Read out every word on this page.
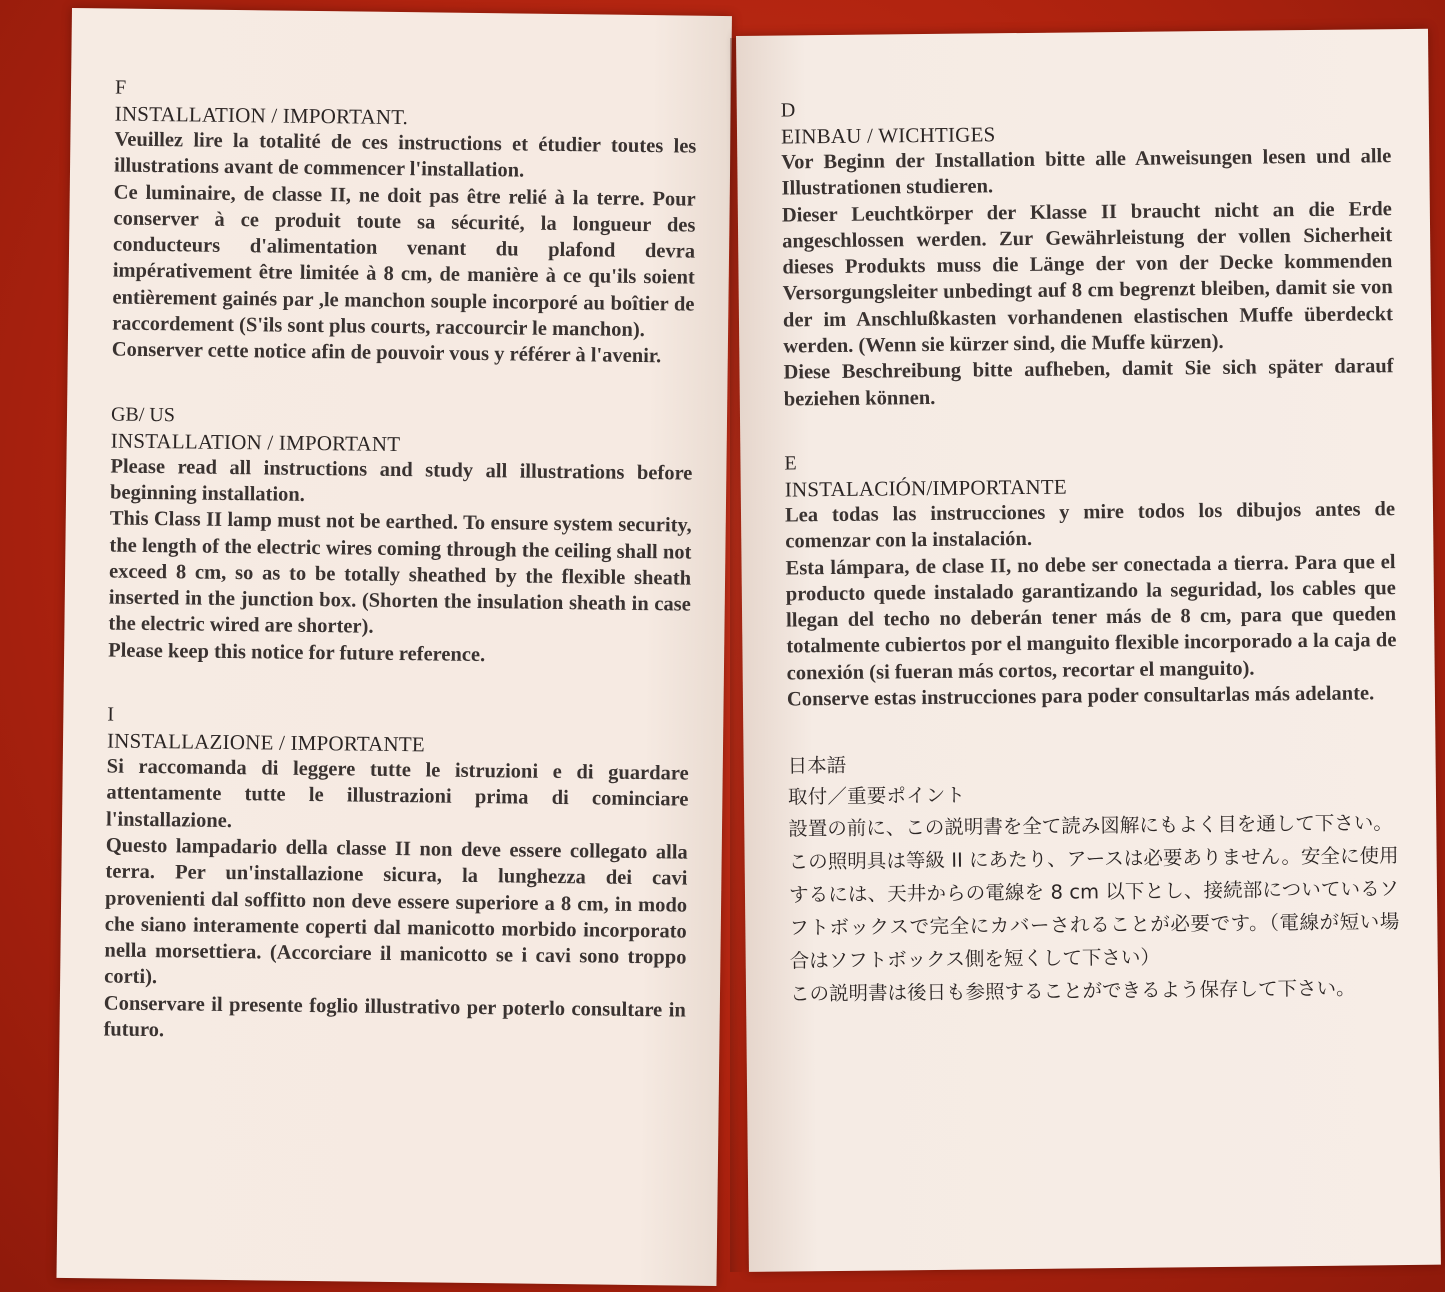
F
INSTALLATION / IMPORTANT.
Veuillez lire la totalité de ces instructions et étudier toutes les illustrations avant de commencer l'installation.
Ce luminaire, de classe II, ne doit pas être relié à la terre. Pour conserver à ce produit toute sa sécurité, la longueur des conducteurs d'alimentation venant du plafond devra impérativement être limitée à 8 cm, de manière à ce qu'ils soient entièrement gainés par ,le manchon souple incorporé au boîtier de raccordement (S'ils sont plus courts, raccourcir le manchon).
Conserver cette notice afin de pouvoir vous y référer à l'avenir.
GB/ US
INSTALLATION / IMPORTANT
Please read all instructions and study all illustrations before beginning installation.
This Class II lamp must not be earthed. To ensure system security, the length of the electric wires coming through the ceiling shall not exceed 8 cm, so as to be totally sheathed by the flexible sheath inserted in the junction box. (Shorten the insulation sheath in case the electric wired are shorter).
Please keep this notice for future reference.
I
INSTALLAZIONE / IMPORTANTE
Si raccomanda di leggere tutte le istruzioni e di guardare attentamente tutte le illustrazioni prima di cominciare l'installazione.
Questo lampadario della classe II non deve essere collegato alla terra. Per un'installazione sicura, la lunghezza dei cavi provenienti dal soffitto non deve essere superiore a 8 cm, in modo che siano interamente coperti dal manicotto morbido incorporato nella morsettiera. (Accorciare il manicotto se i cavi sono troppo corti).
Conservare il presente foglio illustrativo per poterlo consultare in futuro.
D
EINBAU / WICHTIGES
Vor Beginn der Installation bitte alle Anweisungen lesen und alle Illustrationen studieren.
Dieser Leuchtkörper der Klasse II braucht nicht an die Erde angeschlossen werden. Zur Gewährleistung der vollen Sicherheit dieses Produkts muss die Länge der von der Decke kommenden Versorgungsleiter unbedingt auf 8 cm begrenzt bleiben, damit sie von der im Anschlußkasten vorhandenen elastischen Muffe überdeckt werden. (Wenn sie kürzer sind, die Muffe kürzen).
Diese Beschreibung bitte aufheben, damit Sie sich später darauf beziehen können.
E
INSTALACIÓN/IMPORTANTE
Lea todas las instrucciones y mire todos los dibujos antes de comenzar con la instalación.
Esta lámpara, de clase II, no debe ser conectada a tierra. Para que el producto quede instalado garantizando la seguridad, los cables que llegan del techo no deberán tener más de 8 cm, para que queden totalmente cubiertos por el manguito flexible incorporado a la caja de conexión (si fueran más cortos, recortar el manguito).
Conserve estas instrucciones para poder consultarlas más adelante.
日本語
取付／重要ポイント
設置の前に、この説明書を全て読み図解にもよく目を通して下さい。
この照明具は等級 II にあたり、アースは必要ありません。安全に使用するには、天井からの電線を 8 cm 以下とし、接続部についているソフトボックスで完全にカバーされることが必要です。（電線が短い場合はソフトボックス側を短くして下さい）
この説明書は後日も参照することができるよう保存して下さい。
